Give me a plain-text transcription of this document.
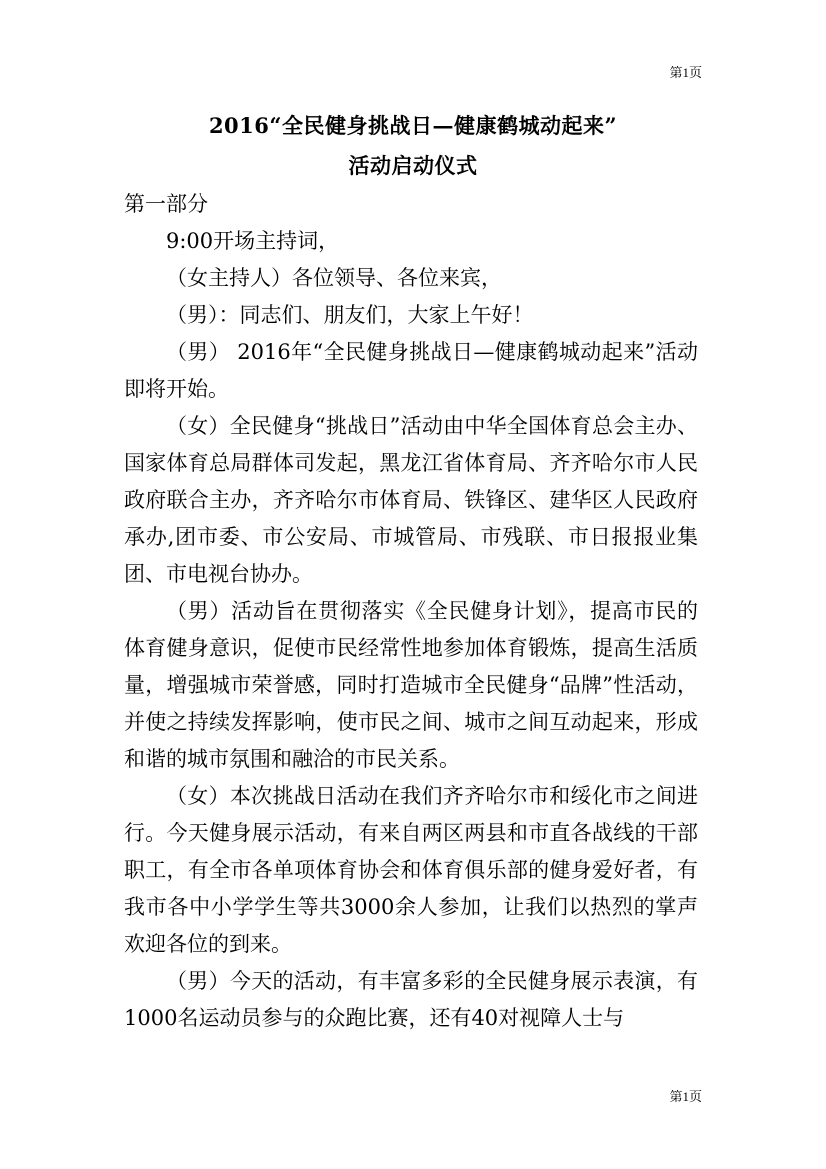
第1页
2016“全民健身挑战日—健康鹤城动起来”
活动启动仪式

第一部分

9:00开场主持词，

（女主持人）各位领导、各位来宾，

（男）：同志们、朋友们，大家上午好！

（男） 2016年“全民健身挑战日—健康鹤城动起来”活动即将开始。

（女）全民健身“挑战日”活动由中华全国体育总会主办、国家体育总局群体司发起，黑龙江省体育局、齐齐哈尔市人民政府联合主办，齐齐哈尔市体育局、铁锋区、建华区人民政府承办,团市委、市公安局、市城管局、市残联、市日报报业集团、市电视台协办。

（男）活动旨在贯彻落实《全民健身计划》，提高市民的体育健身意识，促使市民经常性地参加体育锻炼，提高生活质量，增强城市荣誉感，同时打造城市全民健身“品牌”性活动，并使之持续发挥影响，使市民之间、城市之间互动起来，形成和谐的城市氛围和融洽的市民关系。

（女）本次挑战日活动在我们齐齐哈尔市和绥化市之间进行。今天健身展示活动，有来自两区两县和市直各战线的干部职工，有全市各单项体育协会和体育俱乐部的健身爱好者，有我市各中小学学生等共3000余人参加，让我们以热烈的掌声欢迎各位的到来。

（男）今天的活动，有丰富多彩的全民健身展示表演，有1000名运动员参与的众跑比赛，还有40对视障人士与

第1页
